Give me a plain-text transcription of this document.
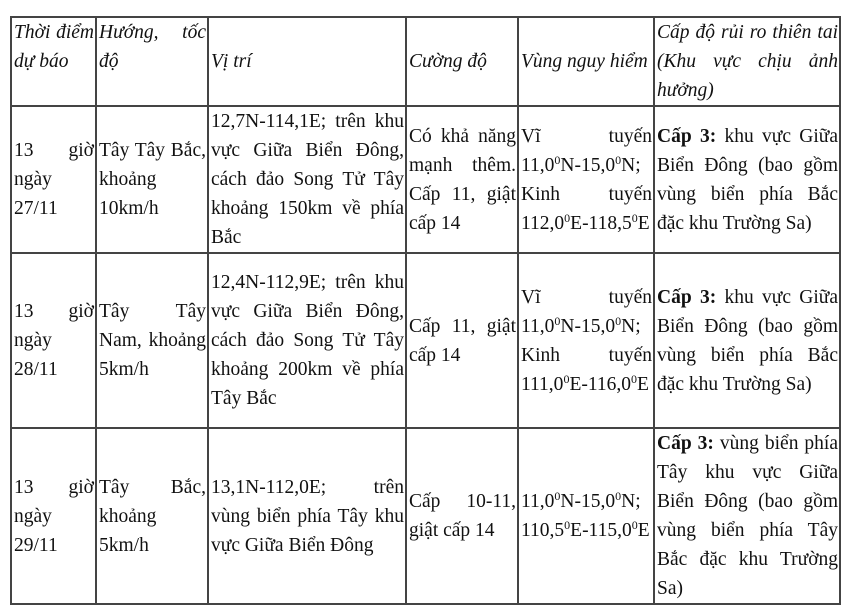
Thời điểm dự báo	Hướng, tốc độ	Vị trí	Cường độ	Vùng nguy hiểm	Cấp độ rủi ro thiên tai (Khu vực chịu ảnh hưởng)
13 giờ ngày 27/11	Tây Tây Bắc, khoảng 10km/h	12,7N-114,1E; trên khu vực Giữa Biển Đông, cách đảo Song Tử Tây khoảng 150km về phía Bắc	Có khả năng mạnh thêm. Cấp 11, giật cấp 14	Vĩ tuyến 11,0$^0$N-15,0$^0$N; Kinh tuyến 112,0$^0$E-118,5$^0$E	Cấp 3: khu vực Giữa Biển Đông (bao gồm vùng biển phía Bắc đặc khu Trường Sa)
13 giờ ngày 28/11	Tây Tây Nam, khoảng 5km/h	12,4N-112,9E; trên khu vực Giữa Biển Đông, cách đảo Song Tử Tây khoảng 200km về phía Tây Bắc	Cấp 11, giật cấp 14	Vĩ tuyến 11,0$^0$N-15,0$^0$N; Kinh tuyến 111,0$^0$E-116,0$^0$E	Cấp 3: khu vực Giữa Biển Đông (bao gồm vùng biển phía Bắc đặc khu Trường Sa)
13 giờ ngày 29/11	Tây Bắc, khoảng 5km/h	13,1N-112,0E; trên vùng biển phía Tây khu vực Giữa Biển Đông	Cấp 10-11, giật cấp 14	11,0$^0$N-15,0$^0$N; 110,5$^0$E-115,0$^0$E	Cấp 3: vùng biển phía Tây khu vực Giữa Biển Đông (bao gồm vùng biển phía Tây Bắc đặc khu Trường Sa)
